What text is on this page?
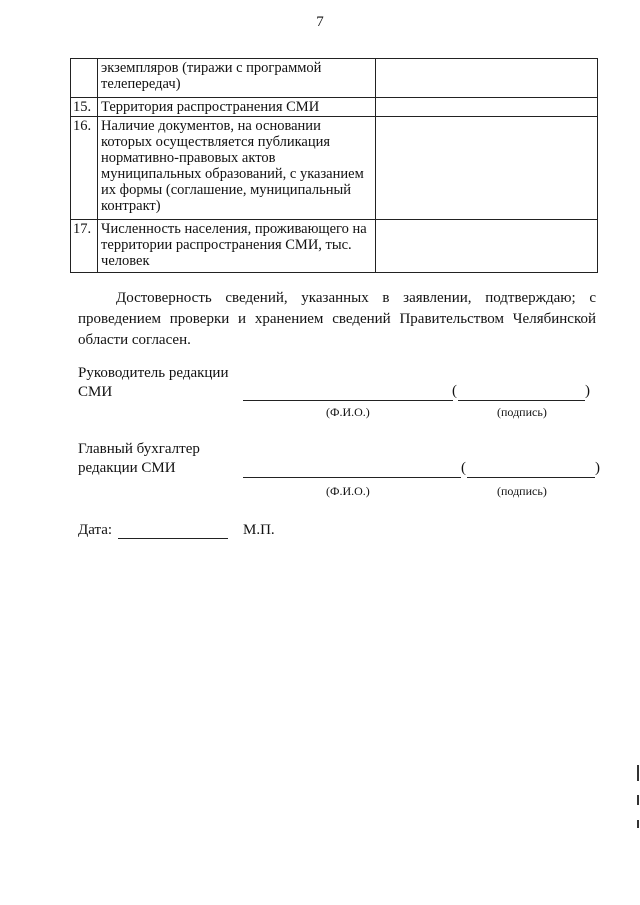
7
	экземпляров (тиражи с программой телепередач)	
15.	Территория распространения СМИ	
16.	Наличие документов, на основании которых осуществляется публикация нормативно-правовых актов муниципальных образований, с указанием их формы (соглашение, муниципальный контракт)	
17.	Численность населения, проживающего на территории распространения СМИ, тыс. человек	
Достоверность сведений, указанных в заявлении, подтверждаю; с проведением проверки и хранением сведений Правительством Челябинской области согласен.
Руководитель редакции
СМИ	(	)
(Ф.И.О.)	(подпись)
Главный бухгалтер
редакции СМИ	(	)
(Ф.И.О.)	(подпись)
Дата:	М.П.
